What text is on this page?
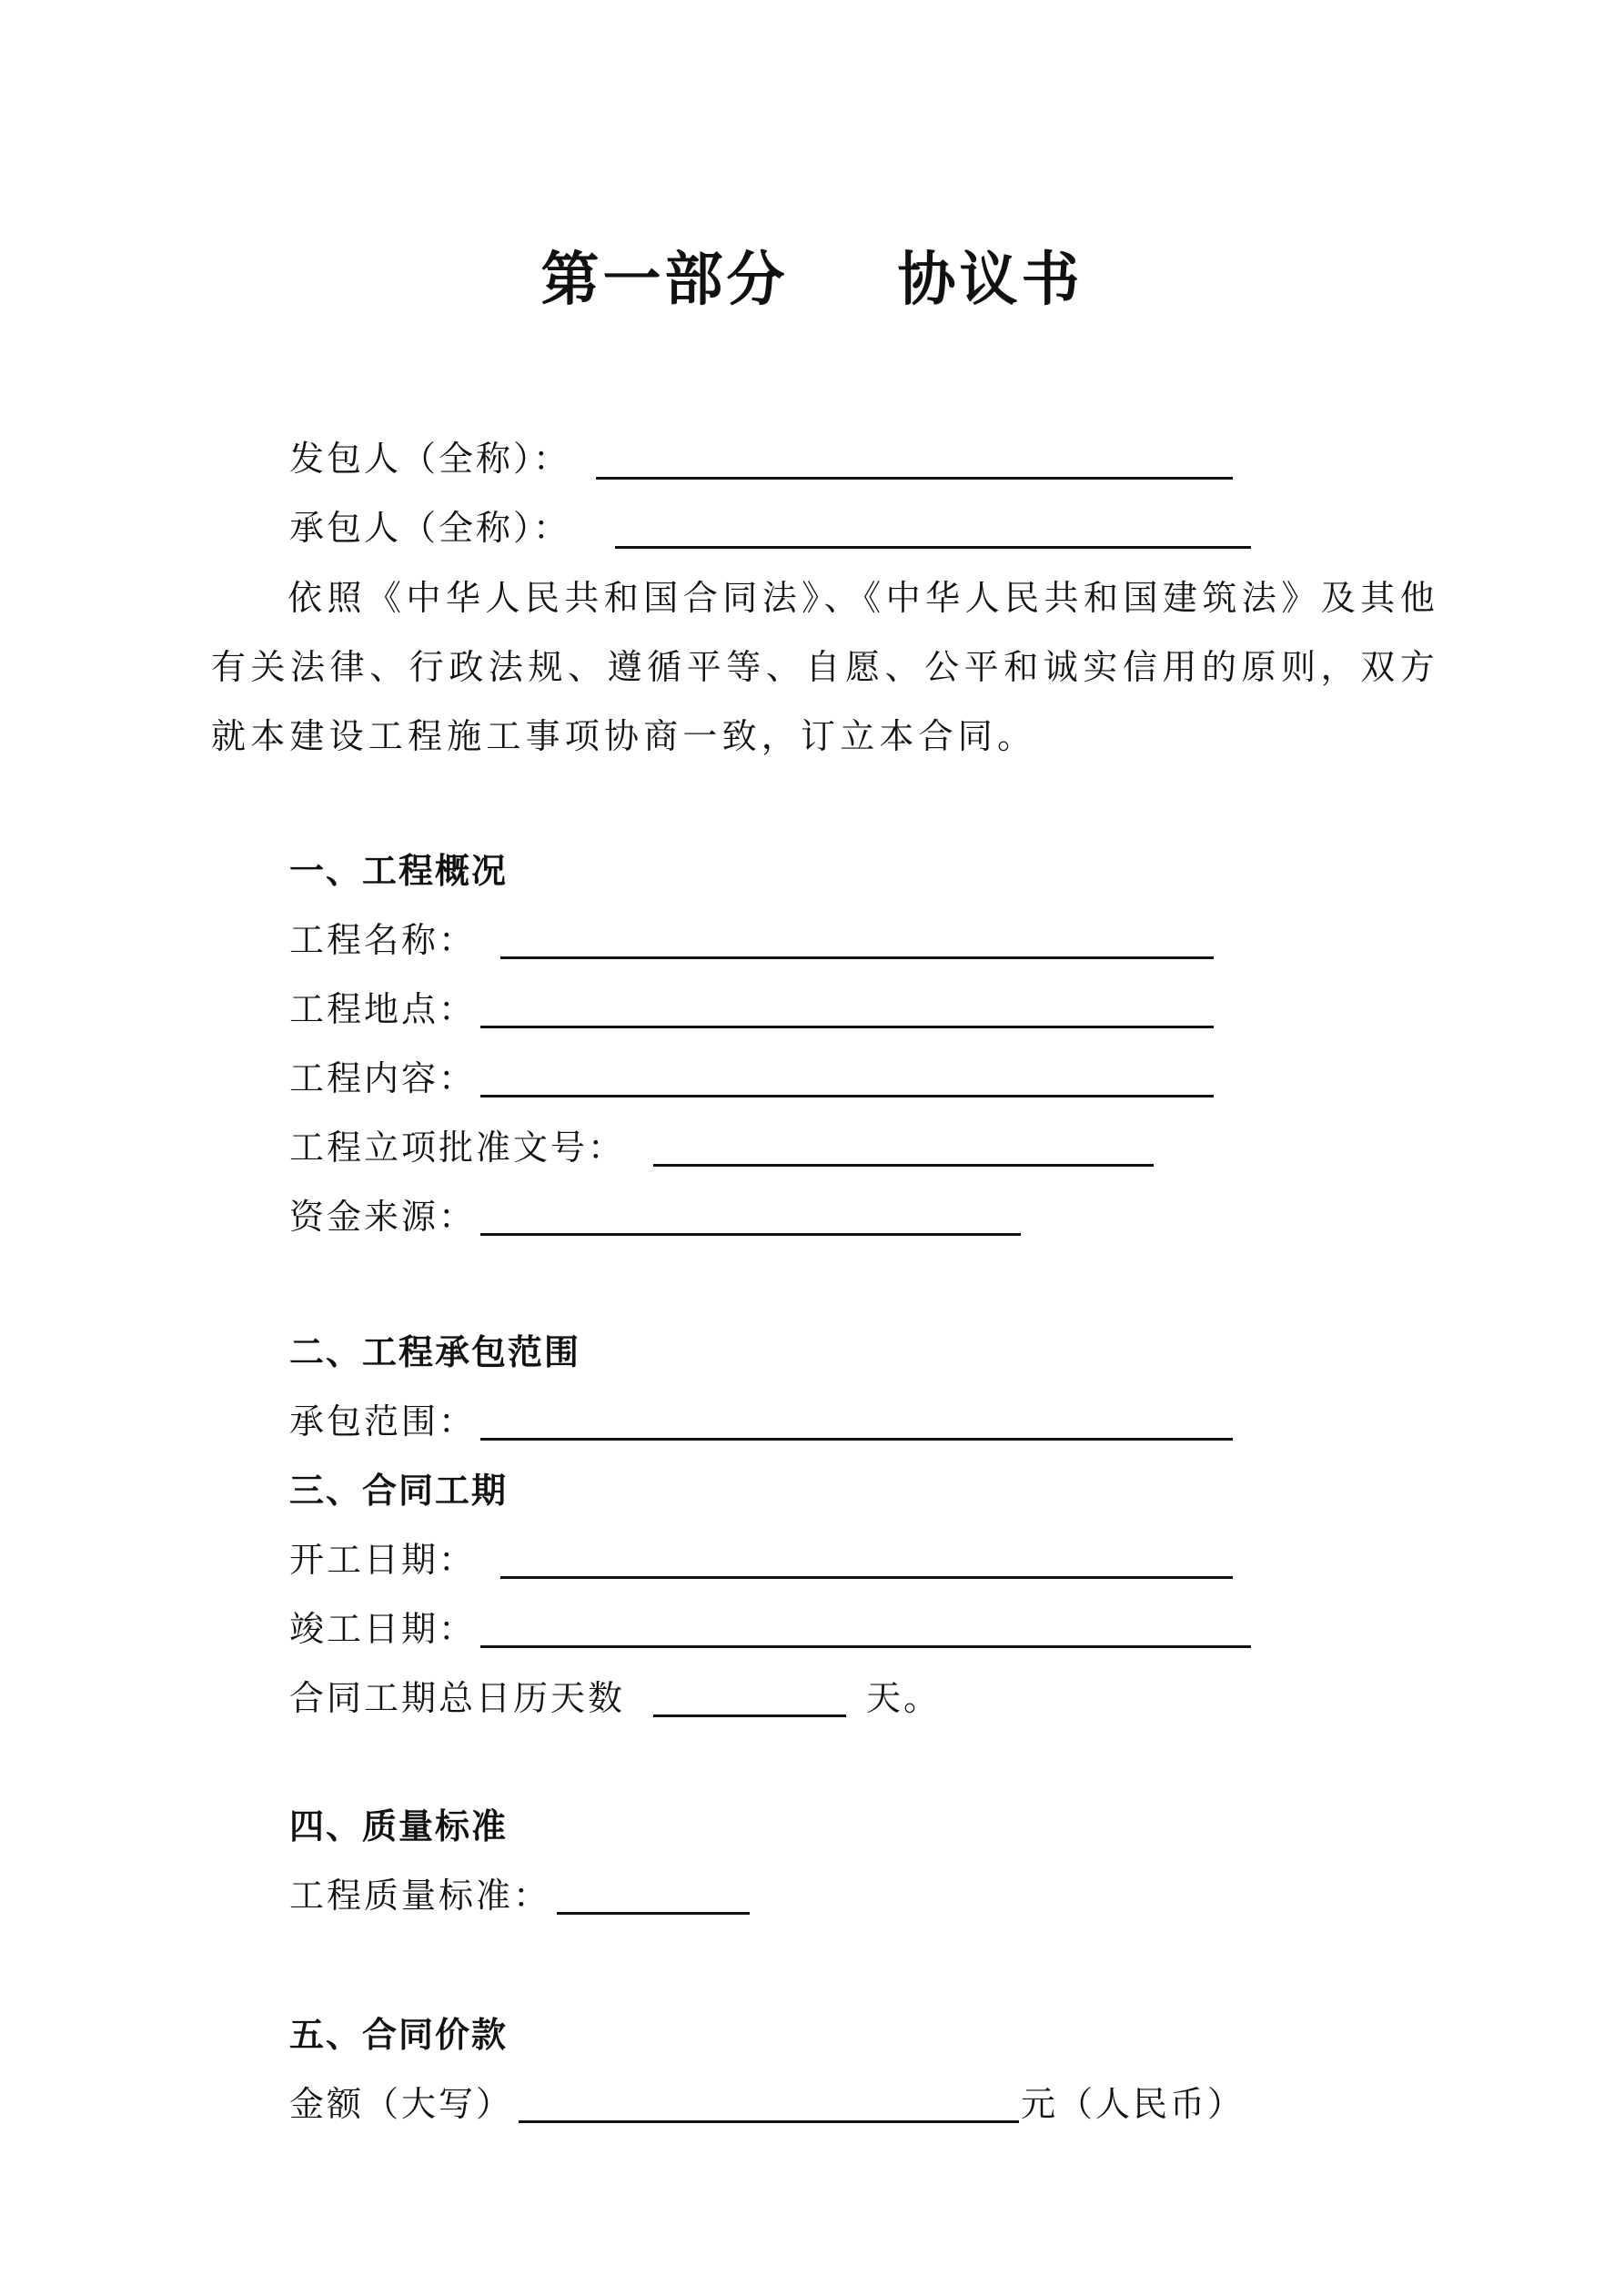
第一部分 协议书
发包人（全称）：
承包人（全称）：
依照《中华人民共和国合同法》、《中华人民共和国建筑法》及其他有关法律、行政法规、遵循平等、自愿、公平和诚实信用的原则，双方就本建设工程施工事项协商一致，订立本合同。
一、工程概况
工程名称：
工程地点：
工程内容：
工程立项批准文号：
资金来源：
二、工程承包范围
承包范围：
三、合同工期
开工日期：
竣工日期：
合同工期总日历天数	天。
四、质量标准
工程质量标准：
五、合同价款
金额（大写）	元（人民币）
